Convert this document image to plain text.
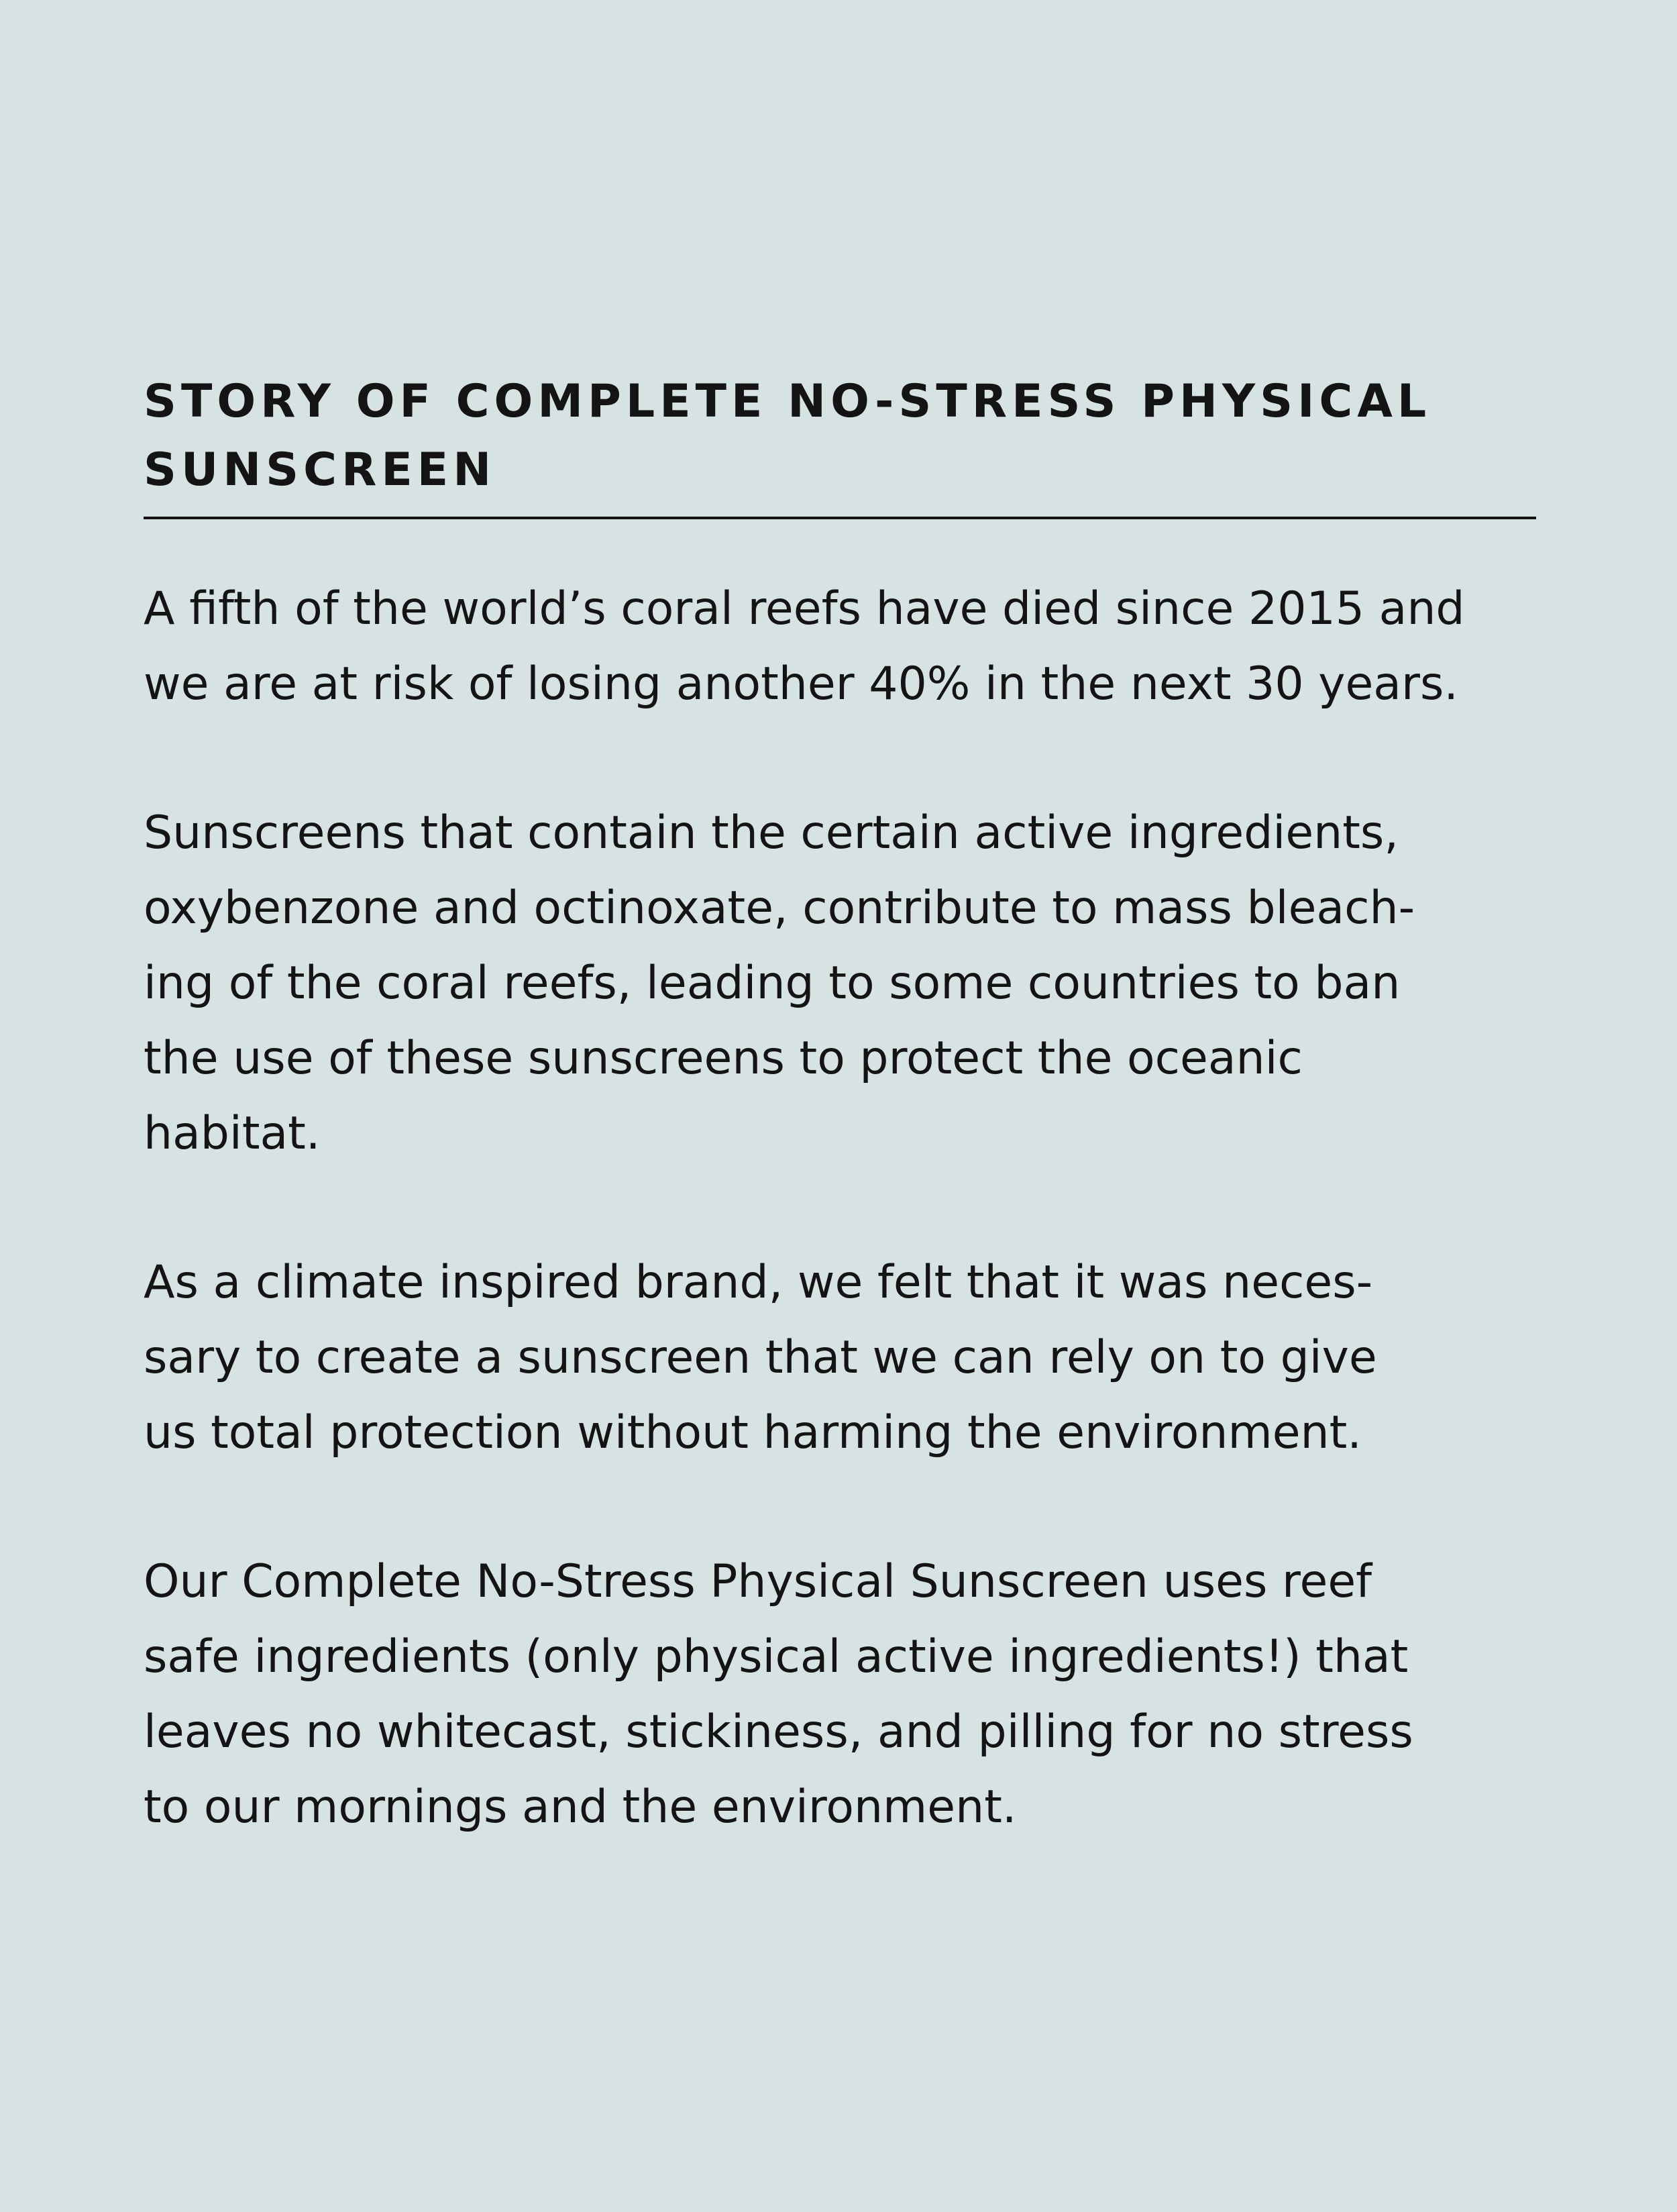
STORY OF COMPLETE NO-STRESS PHYSICAL
SUNSCREEN

A fifth of the world’s coral reefs have died since 2015 and
we are at risk of losing another 40% in the next 30 years.

Sunscreens that contain the certain active ingredients,
oxybenzone and octinoxate, contribute to mass bleach-
ing of the coral reefs, leading to some countries to ban
the use of these sunscreens to protect the oceanic
habitat.

As a climate inspired brand, we felt that it was neces-
sary to create a sunscreen that we can rely on to give
us total protection without harming the environment.

Our Complete No-Stress Physical Sunscreen uses reef
safe ingredients (only physical active ingredients!) that
leaves no whitecast, stickiness, and pilling for no stress
to our mornings and the environment.
